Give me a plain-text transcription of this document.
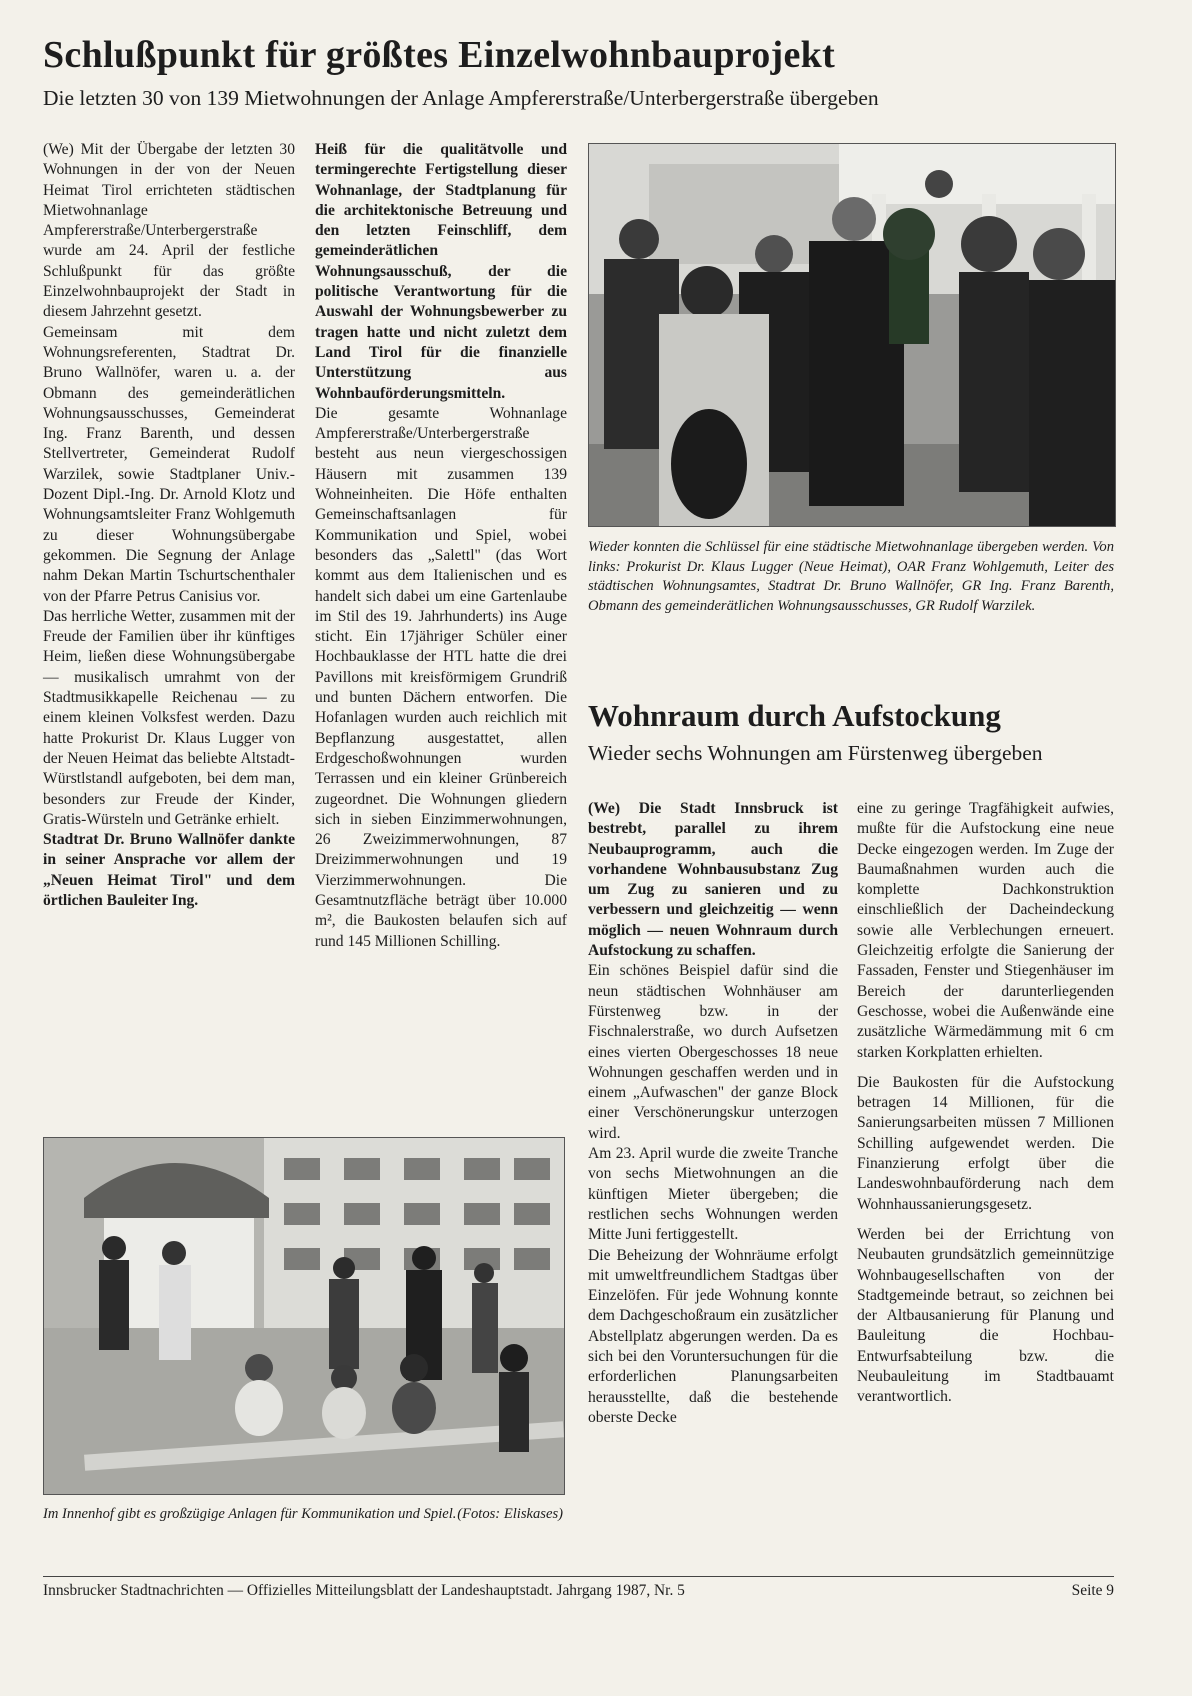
Schlußpunkt für größtes Einzelwohnbauprojekt
Die letzten 30 von 139 Mietwohnungen der Anlage Ampfererstraße/Unterbergerstraße übergeben

(We) Mit der Übergabe der letzten 30 Wohnungen in der von der Neuen Heimat Tirol errichteten städtischen Mietwohnanlage Ampfererstraße/Unterbergerstraße wurde am 24. April der festliche Schlußpunkt für das größte Einzelwohnbauprojekt der Stadt in diesem Jahrzehnt gesetzt.

Gemeinsam mit dem Wohnungsreferenten, Stadtrat Dr. Bruno Wallnöfer, waren u. a. der Obmann des gemeinderätlichen Wohnungsausschusses, Gemeinderat Ing. Franz Barenth, und dessen Stellvertreter, Gemeinderat Rudolf Warzilek, sowie Stadtplaner Univ.-Dozent Dipl.-Ing. Dr. Arnold Klotz und Wohnungsamtsleiter Franz Wohlgemuth zu dieser Wohnungsübergabe gekommen. Die Segnung der Anlage nahm Dekan Martin Tschurtschenthaler von der Pfarre Petrus Canisius vor.

Das herrliche Wetter, zusammen mit der Freude der Familien über ihr künftiges Heim, ließen diese Wohnungsübergabe — musikalisch umrahmt von der Stadtmusikkapelle Reichenau — zu einem kleinen Volksfest werden. Dazu hatte Prokurist Dr. Klaus Lugger von der Neuen Heimat das beliebte Altstadt-Würstlstandl aufgeboten, bei dem man, besonders zur Freude der Kinder, Gratis-Würsteln und Getränke erhielt.

Stadtrat Dr. Bruno Wallnöfer dankte in seiner Ansprache vor allem der „Neuen Heimat Tirol" und dem örtlichen Bauleiter Ing.

Heiß für die qualitätvolle und termingerechte Fertigstellung dieser Wohnanlage, der Stadtplanung für die architektonische Betreuung und den letzten Feinschliff, dem gemeinderätlichen Wohnungsausschuß, der die politische Verantwortung für die Auswahl der Wohnungsbewerber zu tragen hatte und nicht zuletzt dem Land Tirol für die finanzielle Unterstützung aus Wohnbauförderungsmitteln.

Die gesamte Wohnanlage Ampfererstraße/Unterbergerstraße besteht aus neun viergeschossigen Häusern mit zusammen 139 Wohneinheiten. Die Höfe enthalten Gemeinschaftsanlagen für Kommunikation und Spiel, wobei besonders das „Salettl" (das Wort kommt aus dem Italienischen und es handelt sich dabei um eine Gartenlaube im Stil des 19. Jahrhunderts) ins Auge sticht. Ein 17jähriger Schüler einer Hochbauklasse der HTL hatte die drei Pavillons mit kreisförmigem Grundriß und bunten Dächern entworfen. Die Hofanlagen wurden auch reichlich mit Bepflanzung ausgestattet, allen Erdgeschoßwohnungen wurden Terrassen und ein kleiner Grünbereich zugeordnet. Die Wohnungen gliedern sich in sieben Einzimmerwohnungen, 26 Zweizimmerwohnungen, 87 Dreizimmerwohnungen und 19 Vierzimmerwohnungen. Die Gesamtnutzfläche beträgt über 10.000 m², die Baukosten belaufen sich auf rund 145 Millionen Schilling.

Wieder konnten die Schlüssel für eine städtische Mietwohnanlage übergeben werden. Von links: Prokurist Dr. Klaus Lugger (Neue Heimat), OAR Franz Wohlgemuth, Leiter des städtischen Wohnungsamtes, Stadtrat Dr. Bruno Wallnöfer, GR Ing. Franz Barenth, Obmann des gemeinderätlichen Wohnungsausschusses, GR Rudolf Warzilek.
Wohnraum durch Aufstockung
Wieder sechs Wohnungen am Fürstenweg übergeben

(We) Die Stadt Innsbruck ist bestrebt, parallel zu ihrem Neubauprogramm, auch die vorhandene Wohnbausubstanz Zug um Zug zu sanieren und zu verbessern und gleichzeitig — wenn möglich — neuen Wohnraum durch Aufstockung zu schaffen.

Ein schönes Beispiel dafür sind die neun städtischen Wohnhäuser am Fürstenweg bzw. in der Fischnalerstraße, wo durch Aufsetzen eines vierten Obergeschosses 18 neue Wohnungen geschaffen werden und in einem „Aufwaschen" der ganze Block einer Verschönerungskur unterzogen wird.

Am 23. April wurde die zweite Tranche von sechs Mietwohnungen an die künftigen Mieter übergeben; die restlichen sechs Wohnungen werden Mitte Juni fertiggestellt.

Die Beheizung der Wohnräume erfolgt mit umweltfreundlichem Stadtgas über Einzelöfen. Für jede Wohnung konnte dem Dachgeschoßraum ein zusätzlicher Abstellplatz abgerungen werden. Da es sich bei den Voruntersuchungen für die erforderlichen Planungsarbeiten herausstellte, daß die bestehende oberste Decke

eine zu geringe Tragfähigkeit aufwies, mußte für die Aufstockung eine neue Decke eingezogen werden. Im Zuge der Baumaßnahmen wurden auch die komplette Dachkonstruktion einschließlich der Dacheindeckung sowie alle Verblechungen erneuert. Gleichzeitig erfolgte die Sanierung der Fassaden, Fenster und Stiegenhäuser im Bereich der darunterliegenden Geschosse, wobei die Außenwände eine zusätzliche Wärmedämmung mit 6 cm starken Korkplatten erhielten.

Die Baukosten für die Aufstockung betragen 14 Millionen, für die Sanierungsarbeiten müssen 7 Millionen Schilling aufgewendet werden. Die Finanzierung erfolgt über die Landeswohnbauförderung nach dem Wohnhaussanierungsgesetz.

Werden bei der Errichtung von Neubauten grundsätzlich gemeinnützige Wohnbaugesellschaften von der Stadtgemeinde betraut, so zeichnen bei der Altbausanierung für Planung und Bauleitung die Hochbau-Entwurfsabteilung bzw. die Neubauleitung im Stadtbauamt verantwortlich.

Im Innenhof gibt es großzügige Anlagen für Kommunikation und Spiel. (Fotos: Eliskases)
Innsbrucker Stadtnachrichten — Offizielles Mitteilungsblatt der Landeshauptstadt. Jahrgang 1987, Nr. 5	Seite 9
